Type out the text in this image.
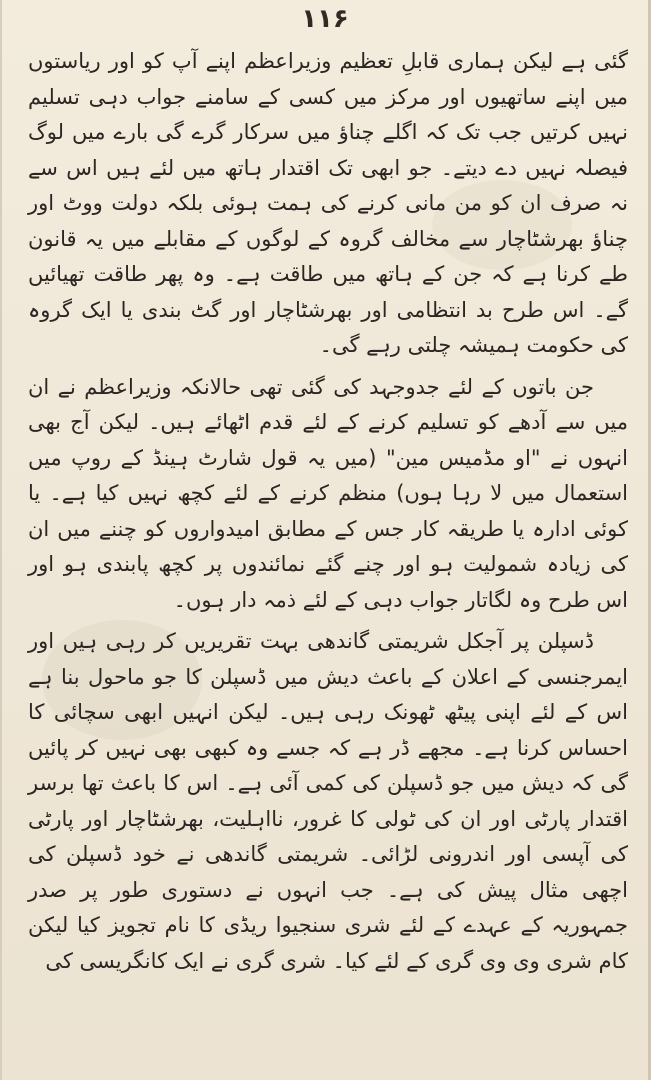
۱۱۶

گئی ہے لیکن ہماری قابلِ تعظیم وزیراعظم اپنے آپ کو اور ریاستوں میں اپنے ساتھیوں اور مرکز میں کسی کے سامنے جواب دہی تسلیم نہیں کرتیں جب تک کہ اگلے چناؤ میں سرکار گرے گی بارے میں لوگ فیصلہ نہیں دے دیتے۔ جو ابھی تک اقتدار ہاتھ میں لئے ہیں اس سے نہ صرف ان کو من مانی کرنے کی ہمت ہوئی بلکہ دولت ووٹ اور چناؤ بھرشٹاچار سے مخالف گروہ کے لوگوں کے مقابلے میں یہ قانون طے کرنا ہے کہ جن کے ہاتھ میں طاقت ہے۔ وہ پھر طاقت تھیائیں گے۔ اس طرح بد انتظامی اور بھرشٹاچار اور گٹ بندی یا ایک گروہ کی حکومت ہمیشہ چلتی رہے گی۔

جن باتوں کے لئے جدوجہد کی گئی تھی حالانکہ وزیراعظم نے ان میں سے آدھے کو تسلیم کرنے کے لئے قدم اٹھائے ہیں۔ لیکن آج بھی انہوں نے "او مڈمیس مین" (میں یہ قول شارٹ ہینڈ کے روپ میں استعمال میں لا رہا ہوں) منظم کرنے کے لئے کچھ نہیں کیا ہے۔ یا کوئی ادارہ یا طریقہ کار جس کے مطابق امیدواروں کو چننے میں ان کی زیادہ شمولیت ہو اور چنے گئے نمائندوں پر کچھ پابندی ہو اور اس طرح وہ لگاتار جواب دہی کے لئے ذمہ دار ہوں۔

ڈسپلن پر آجکل شریمتی گاندھی بہت تقریریں کر رہی ہیں اور ایمرجنسی کے اعلان کے باعث دیش میں ڈسپلن کا جو ماحول بنا ہے اس کے لئے اپنی پیٹھ ٹھونک رہی ہیں۔ لیکن انہیں ابھی سچائی کا احساس کرنا ہے۔ مجھے ڈر ہے کہ جسے وہ کبھی بھی نہیں کر پائیں گی کہ دیش میں جو ڈسپلن کی کمی آئی ہے۔ اس کا باعث تھا برسر اقتدار پارٹی اور ان کی ٹولی کا غرور، نااہلیت، بھرشٹاچار اور پارٹی کی آپسی اور اندرونی لڑائی۔ شریمتی گاندھی نے خود ڈسپلن کی اچھی مثال پیش کی ہے۔ جب انہوں نے دستوری طور پر صدر جمہوریہ کے عہدے کے لئے شری سنجیوا ریڈی کا نام تجویز کیا لیکن کام شری وی وی گری کے لئے کیا۔ شری گری نے ایک کانگریسی کی
